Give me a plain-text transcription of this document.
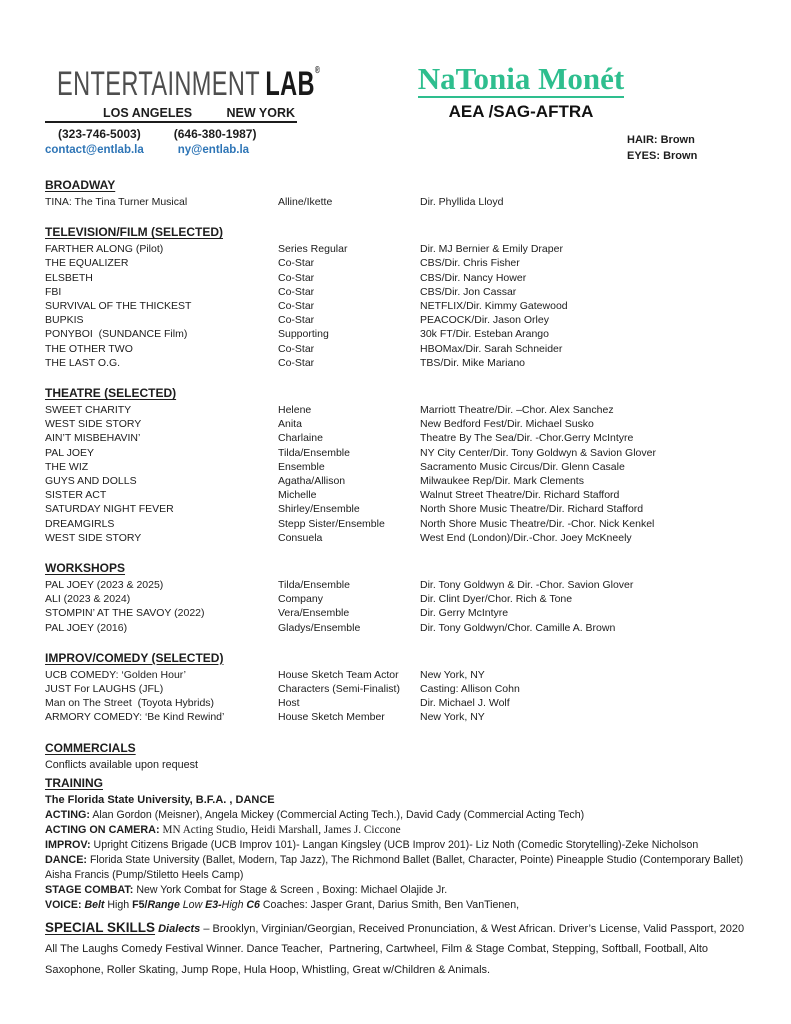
ENTERTAINMENT LAB®
LOS ANGELES	NEW YORK
(323-746-5003)	(646-380-1987)
contact@entlab.la	ny@entlab.la
NaTonia Monét
AEA /SAG-AFTRA
HAIR: Brown
EYES: Brown
BROADWAY
TINA: The Tina Turner Musical	Alline/Ikette	Dir. Phyllida Lloyd
TELEVISION/FILM (SELECTED)
FARTHER ALONG (Pilot)	Series Regular	Dir. MJ Bernier & Emily Draper
THE EQUALIZER	Co-Star	CBS/Dir. Chris Fisher
ELSBETH	Co-Star	CBS/Dir. Nancy Hower
FBI	Co-Star	CBS/Dir. Jon Cassar
SURVIVAL OF THE THICKEST	Co-Star	NETFLIX/Dir. Kimmy Gatewood
BUPKIS	Co-Star	PEACOCK/Dir. Jason Orley
PONYBOI  (SUNDANCE Film)	Supporting	30k FT/Dir. Esteban Arango
THE OTHER TWO	Co-Star	HBOMax/Dir. Sarah Schneider
THE LAST O.G.	Co-Star	TBS/Dir. Mike Mariano
THEATRE (SELECTED)
SWEET CHARITY	Helene	Marriott Theatre/Dir. –Chor. Alex Sanchez
WEST SIDE STORY	Anita	New Bedford Fest/Dir. Michael Susko
AIN’T MISBEHAVIN’	Charlaine	Theatre By The Sea/Dir. -Chor.Gerry McIntyre
PAL JOEY	Tilda/Ensemble	NY City Center/Dir. Tony Goldwyn & Savion Glover
THE WIZ	Ensemble	Sacramento Music Circus/Dir. Glenn Casale
GUYS AND DOLLS	Agatha/Allison	Milwaukee Rep/Dir. Mark Clements
SISTER ACT	Michelle	Walnut Street Theatre/Dir. Richard Stafford
SATURDAY NIGHT FEVER	Shirley/Ensemble	North Shore Music Theatre/Dir. Richard Stafford
DREAMGIRLS	Stepp Sister/Ensemble	North Shore Music Theatre/Dir. -Chor. Nick Kenkel
WEST SIDE STORY	Consuela	West End (London)/Dir.-Chor. Joey McKneely
WORKSHOPS
PAL JOEY (2023 & 2025)	Tilda/Ensemble	Dir. Tony Goldwyn & Dir. -Chor. Savion Glover
ALI (2023 & 2024)	Company	Dir. Clint Dyer/Chor. Rich & Tone
STOMPIN’ AT THE SAVOY (2022)	Vera/Ensemble	Dir. Gerry McIntyre
PAL JOEY (2016)	Gladys/Ensemble	Dir. Tony Goldwyn/Chor. Camille A. Brown
IMPROV/COMEDY (SELECTED)
UCB COMEDY: ‘Golden Hour’	House Sketch Team Actor	New York, NY
JUST For LAUGHS (JFL)	Characters (Semi-Finalist)	Casting: Allison Cohn
Man on The Street  (Toyota Hybrids)	Host	Dir. Michael J. Wolf
ARMORY COMEDY: ‘Be Kind Rewind’	House Sketch Member	New York, NY
COMMERCIALS
Conflicts available upon request
TRAINING
The Florida State University, B.F.A. , DANCE
ACTING: Alan Gordon (Meisner), Angela Mickey (Commercial Acting Tech.), David Cady (Commercial Acting Tech)
ACTING ON CAMERA: MN Acting Studio, Heidi Marshall, James J. Ciccone
IMPROV: Upright Citizens Brigade (UCB Improv 101)- Langan Kingsley (UCB Improv 201)- Liz Noth (Comedic Storytelling)-Zeke Nicholson
DANCE: Florida State University (Ballet, Modern, Tap Jazz), The Richmond Ballet (Ballet, Character, Pointe) Pineapple Studio (Contemporary Ballet) Aisha Francis (Pump/Stiletto Heels Camp)
STAGE COMBAT: New York Combat for Stage & Screen , Boxing: Michael Olajide Jr.
VOICE: Belt High F5/Range Low E3-High C6 Coaches: Jasper Grant, Darius Smith, Ben VanTienen,
SPECIAL SKILLS Dialects – Brooklyn, Virginian/Georgian, Received Pronunciation, & West African. Driver’s License, Valid Passport, 2020 All The Laughs Comedy Festival Winner. Dance Teacher,  Partnering, Cartwheel, Film & Stage Combat, Stepping, Softball, Football, Alto Saxophone, Roller Skating, Jump Rope, Hula Hoop, Whistling, Great w/Children & Animals.
